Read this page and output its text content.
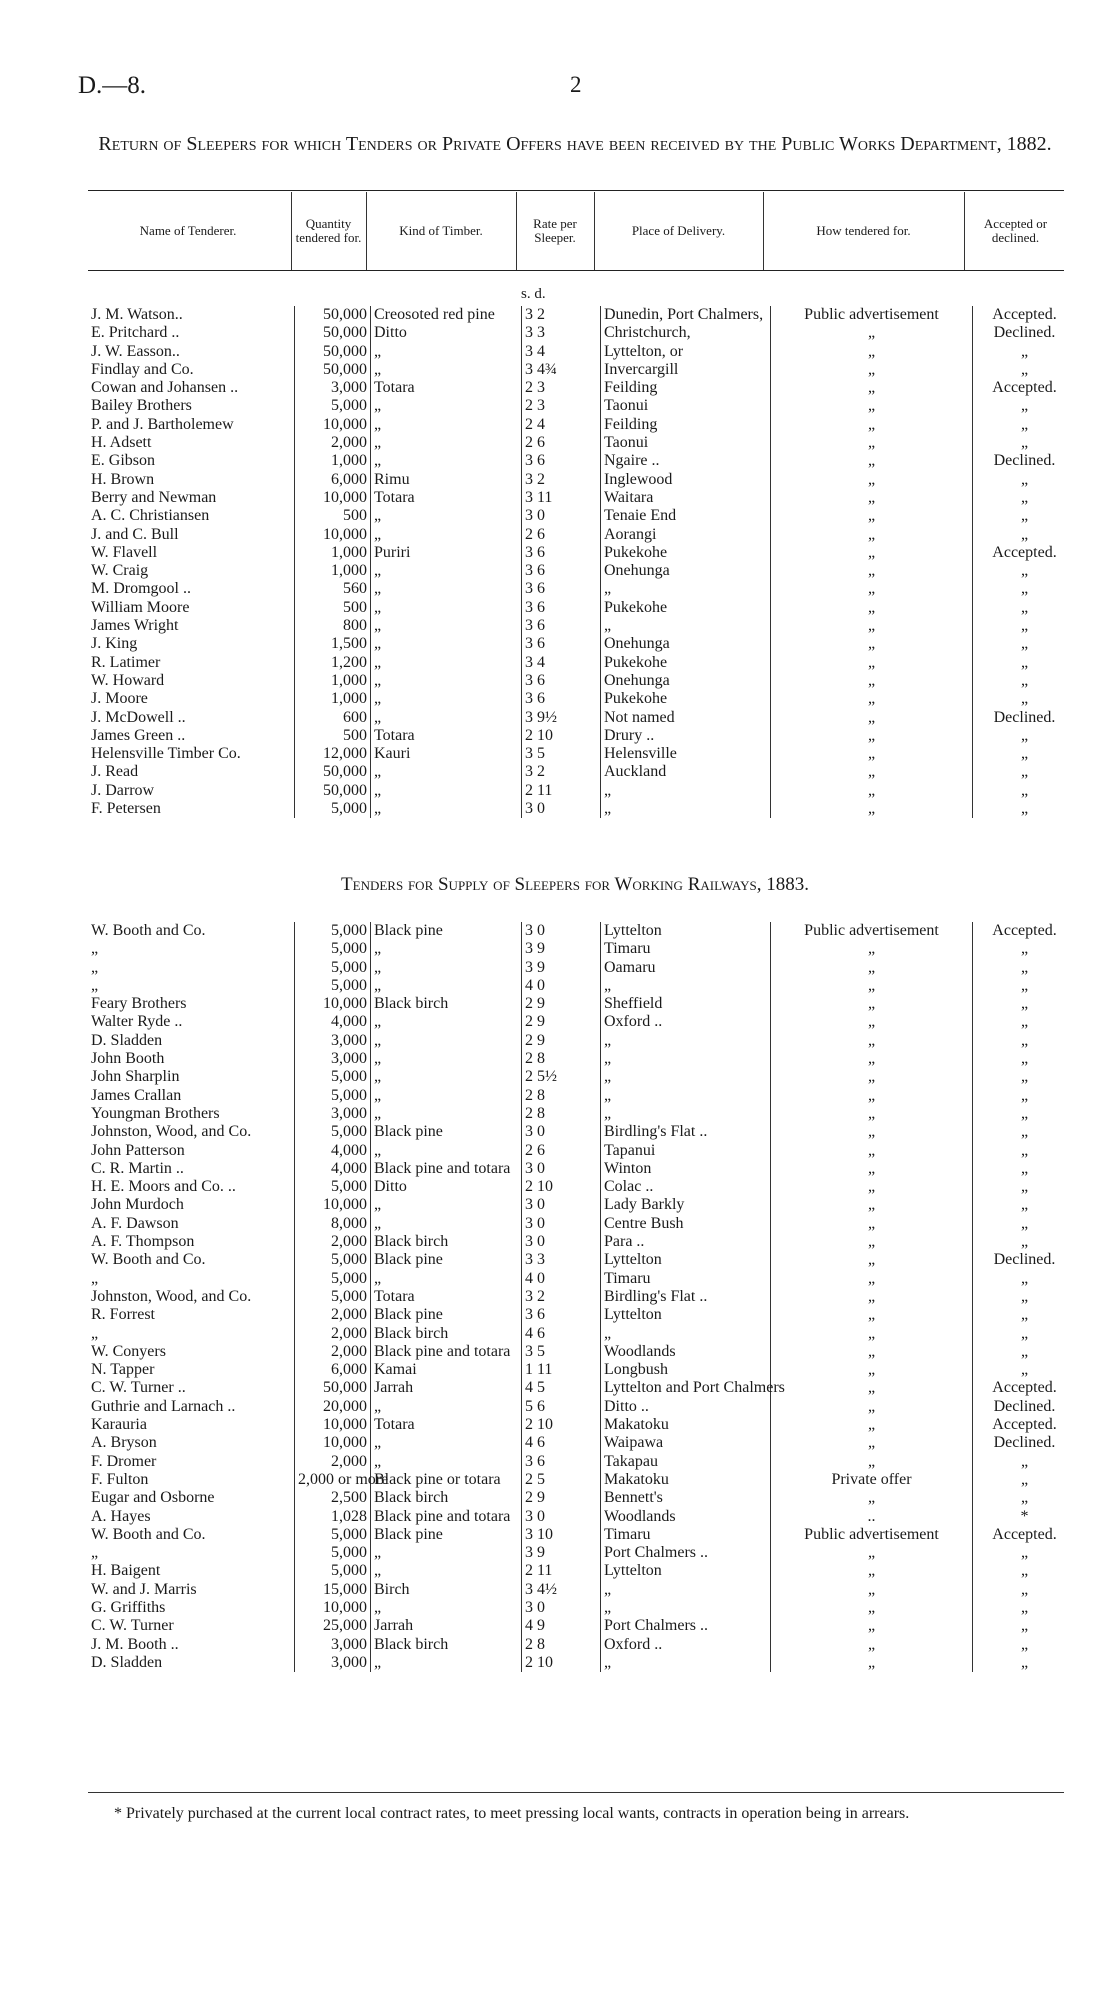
D.—8.	2
Return of Sleepers for which Tenders or Private Offers have been received by the Public Works Department, 1882.
Name of Tenderer.	Quantity tendered for.	Kind of Timber.	Rate per Sleeper.	Place of Delivery.	How tendered for.	Accepted or declined.
s. d.
J. M. Watson..	50,000	Creosoted red pine	3 2	Dunedin, Port Chalmers,	Public advertisement	Accepted.
E. Pritchard ..	50,000	Ditto	3 3	Christchurch,	„	Declined.
J. W. Easson..	50,000	„	3 4	Lyttelton, or	„	„
Findlay and Co.	50,000	„	3 4¾	Invercargill	„	„
Cowan and Johansen ..	3,000	Totara	2 3	Feilding	„	Accepted.
Bailey Brothers	5,000	„	2 3	Taonui	„	„
P. and J. Bartholemew	10,000	„	2 4	Feilding	„	„
H. Adsett	2,000	„	2 6	Taonui	„	„
E. Gibson	1,000	„	3 6	Ngaire ..	„	Declined.
H. Brown	6,000	Rimu	3 2	Inglewood	„	„
Berry and Newman	10,000	Totara	3 11	Waitara	„	„
A. C. Christiansen	500	„	3 0	Tenaie End	„	„
J. and C. Bull	10,000	„	2 6	Aorangi	„	„
W. Flavell	1,000	Puriri	3 6	Pukekohe	„	Accepted.
W. Craig	1,000	„	3 6	Onehunga	„	„
M. Dromgool ..	560	„	3 6	„	„	„
William Moore	500	„	3 6	Pukekohe	„	„
James Wright	800	„	3 6	„	„	„
J. King	1,500	„	3 6	Onehunga	„	„
R. Latimer	1,200	„	3 4	Pukekohe	„	„
W. Howard	1,000	„	3 6	Onehunga	„	„
J. Moore	1,000	„	3 6	Pukekohe	„	„
J. McDowell ..	600	„	3 9½	Not named	„	Declined.
James Green ..	500	Totara	2 10	Drury ..	„	„
Helensville Timber Co.	12,000	Kauri	3 5	Helensville	„	„
J. Read	50,000	„	3 2	Auckland	„	„
J. Darrow	50,000	„	2 11	„	„	„
F. Petersen	5,000	„	3 0	„	„	„
Tenders for Supply of Sleepers for Working Railways, 1883.
W. Booth and Co.	5,000	Black pine	3 0	Lyttelton	Public advertisement	Accepted.
„	5,000	„	3 9	Timaru	„	„
„	5,000	„	3 9	Oamaru	„	„
„	5,000	„	4 0	„	„	„
Feary Brothers	10,000	Black birch	2 9	Sheffield	„	„
Walter Ryde ..	4,000	„	2 9	Oxford ..	„	„
D. Sladden	3,000	„	2 9	„	„	„
John Booth	3,000	„	2 8	„	„	„
John Sharplin	5,000	„	2 5½	„	„	„
James Crallan	5,000	„	2 8	„	„	„
Youngman Brothers	3,000	„	2 8	„	„	„
Johnston, Wood, and Co.	5,000	Black pine	3 0	Birdling's Flat ..	„	„
John Patterson	4,000	„	2 6	Tapanui	„	„
C. R. Martin ..	4,000	Black pine and totara	3 0	Winton	„	„
H. E. Moors and Co. ..	5,000	Ditto	2 10	Colac ..	„	„
John Murdoch	10,000	„	3 0	Lady Barkly	„	„
A. F. Dawson	8,000	„	3 0	Centre Bush	„	„
A. F. Thompson	2,000	Black birch	3 0	Para ..	„	„
W. Booth and Co.	5,000	Black pine	3 3	Lyttelton	„	Declined.
„	5,000	„	4 0	Timaru	„	„
Johnston, Wood, and Co.	5,000	Totara	3 2	Birdling's Flat ..	„	„
R. Forrest	2,000	Black pine	3 6	Lyttelton	„	„
„	2,000	Black birch	4 6	„	„	„
W. Conyers	2,000	Black pine and totara	3 5	Woodlands	„	„
N. Tapper	6,000	Kamai	1 11	Longbush	„	„
C. W. Turner ..	50,000	Jarrah	4 5	Lyttelton and Port Chalmers	„	Accepted.
Guthrie and Larnach ..	20,000	„	5 6	Ditto ..	„	Declined.
Karauria	10,000	Totara	2 10	Makatoku	„	Accepted.
A. Bryson	10,000	„	4 6	Waipawa	„	Declined.
F. Dromer	2,000	„	3 6	Takapau	„	„
F. Fulton	2,000 or more	Black pine or totara	2 5	Makatoku	Private offer	„
Eugar and Osborne	2,500	Black birch	2 9	Bennett's	„	„
A. Hayes	1,028	Black pine and totara	3 0	Woodlands	..	*
W. Booth and Co.	5,000	Black pine	3 10	Timaru	Public advertisement	Accepted.
„	5,000	„	3 9	Port Chalmers ..	„	„
H. Baigent	5,000	„	2 11	Lyttelton	„	„
W. and J. Marris	15,000	Birch	3 4½	„	„	„
G. Griffiths	10,000	„	3 0	„	„	„
C. W. Turner	25,000	Jarrah	4 9	Port Chalmers ..	„	„
J. M. Booth ..	3,000	Black birch	2 8	Oxford ..	„	„
D. Sladden	3,000	„	2 10	„	„	„
* Privately purchased at the current local contract rates, to meet pressing local wants, contracts in operation being in arrears.
